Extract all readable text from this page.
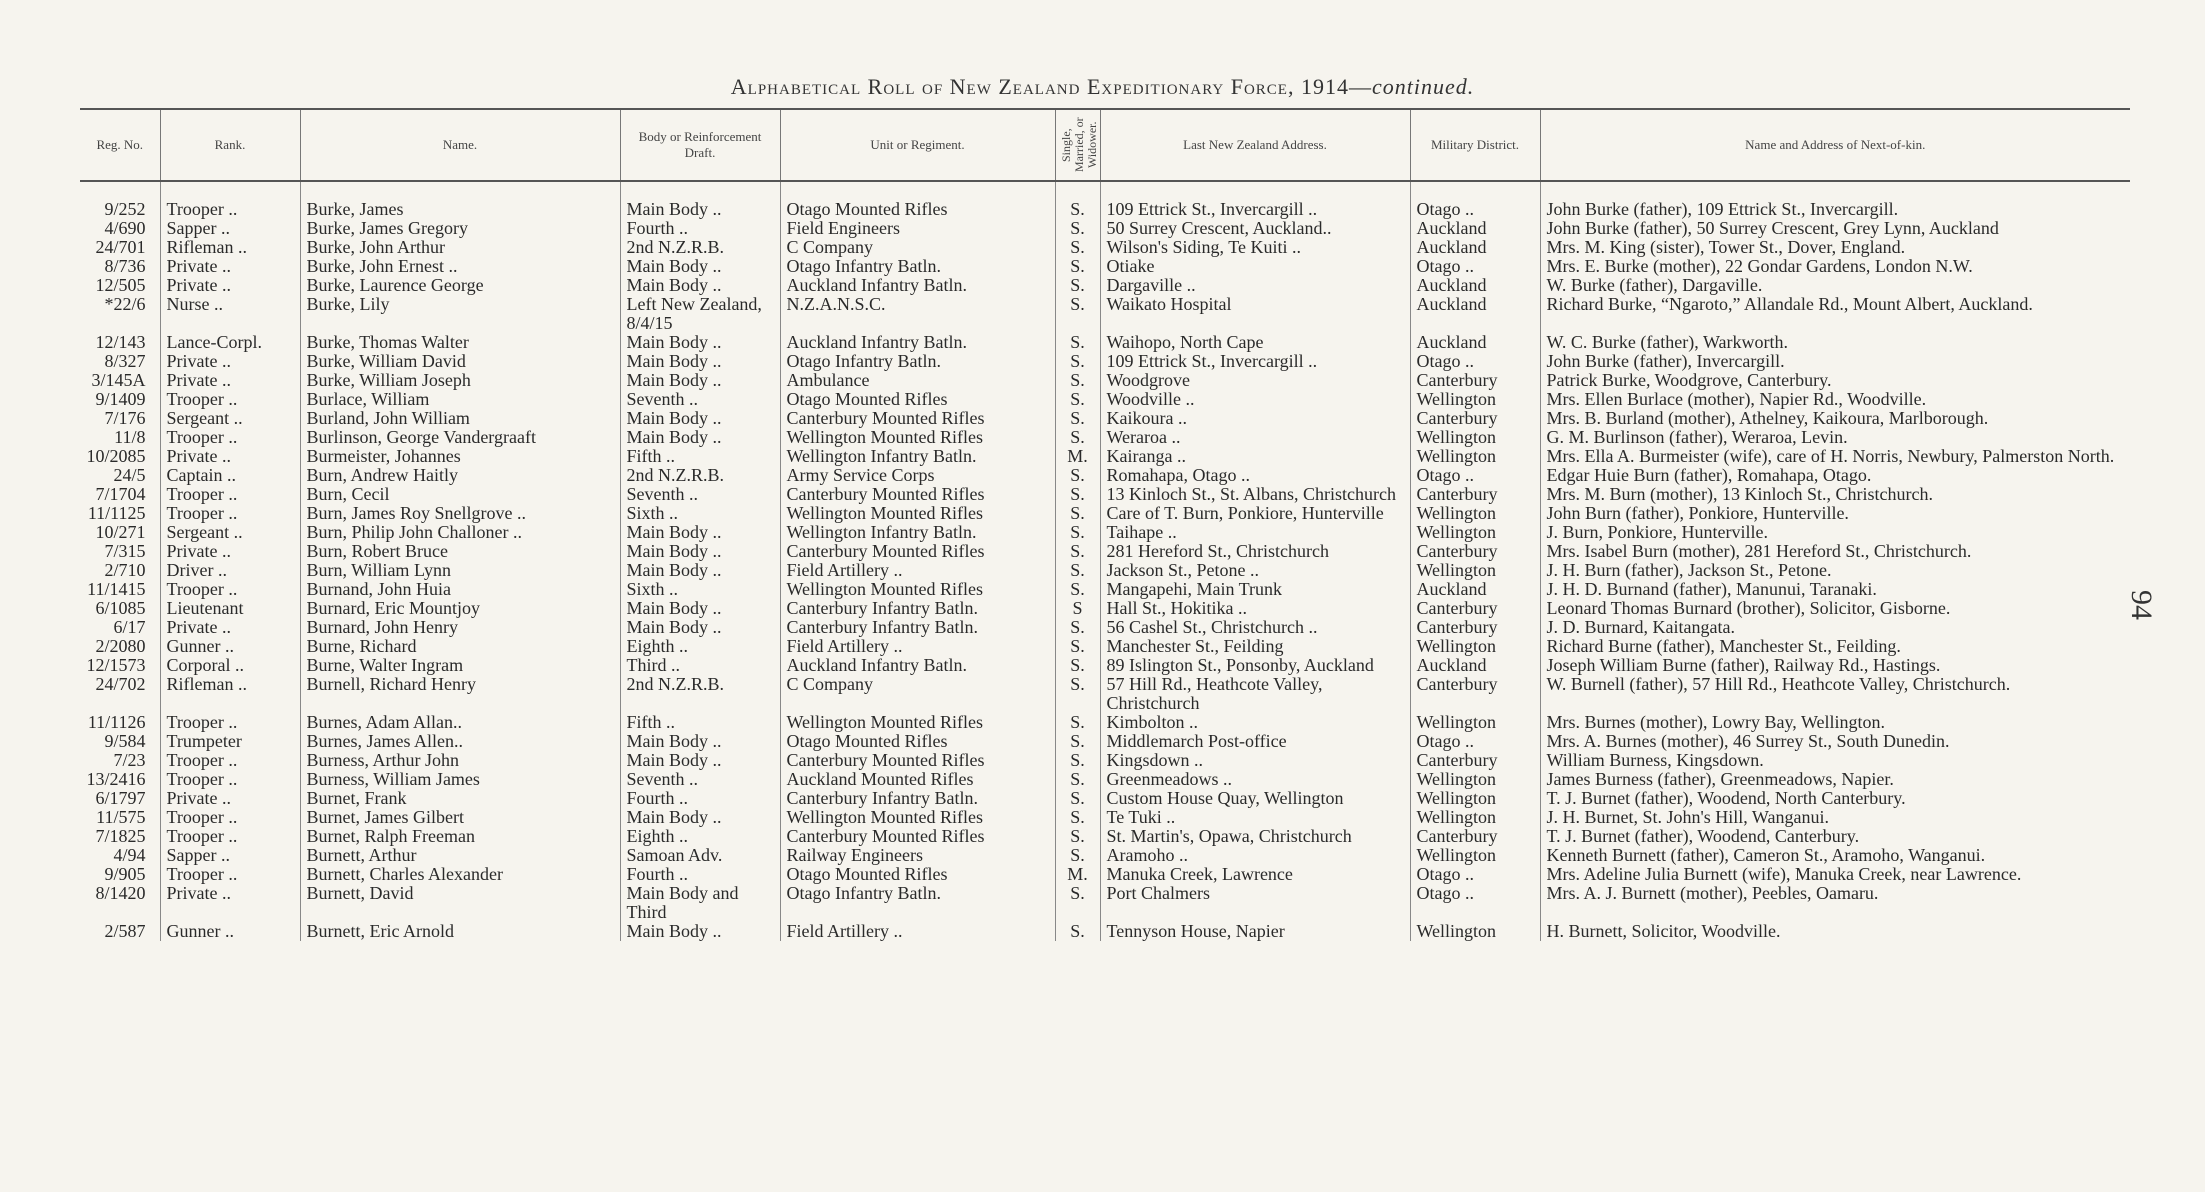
Alphabetical Roll of New Zealand Expeditionary Force, 1914—continued.
94
Reg. No.	Rank.	Name.	Body or Reinforcement Draft.	Unit or Regiment.	Single, Married, or Widower.	Last New Zealand Address.	Military District.	Name and Address of Next-of-kin.

9/252	Trooper ..	Burke, James	Main Body ..	Otago Mounted Rifles	S.	109 Ettrick St., Invercargill ..	Otago ..	John Burke (father), 109 Ettrick St., Invercargill.
4/690	Sapper ..	Burke, James Gregory	Fourth ..	Field Engineers	S.	50 Surrey Crescent, Auckland..	Auckland	John Burke (father), 50 Surrey Crescent, Grey Lynn, Auckland
24/701	Rifleman ..	Burke, John Arthur	2nd N.Z.R.B.	C Company	S.	Wilson's Siding, Te Kuiti ..	Auckland	Mrs. M. King (sister), Tower St., Dover, England.
8/736	Private ..	Burke, John Ernest ..	Main Body ..	Otago Infantry Batln.	S.	Otiake	Otago ..	Mrs. E. Burke (mother), 22 Gondar Gardens, London N.W.
12/505	Private ..	Burke, Laurence George	Main Body ..	Auckland Infantry Batln.	S.	Dargaville ..	Auckland	W. Burke (father), Dargaville.
*22/6	Nurse ..	Burke, Lily	Left New Zealand, 8/4/15	N.Z.A.N.S.C.	S.	Waikato Hospital	Auckland	Richard Burke, “Ngaroto,” Allandale Rd., Mount Albert, Auckland.
12/143	Lance-Corpl.	Burke, Thomas Walter	Main Body ..	Auckland Infantry Batln.	S.	Waihopo, North Cape	Auckland	W. C. Burke (father), Warkworth.
8/327	Private ..	Burke, William David	Main Body ..	Otago Infantry Batln.	S.	109 Ettrick St., Invercargill ..	Otago ..	John Burke (father), Invercargill.
3/145A	Private ..	Burke, William Joseph	Main Body ..	Ambulance	S.	Woodgrove	Canterbury	Patrick Burke, Woodgrove, Canterbury.
9/1409	Trooper ..	Burlace, William	Seventh ..	Otago Mounted Rifles	S.	Woodville ..	Wellington	Mrs. Ellen Burlace (mother), Napier Rd., Woodville.
7/176	Sergeant ..	Burland, John William	Main Body ..	Canterbury Mounted Rifles	S.	Kaikoura ..	Canterbury	Mrs. B. Burland (mother), Athelney, Kaikoura, Marlborough.
11/8	Trooper ..	Burlinson, George Vandergraaft	Main Body ..	Wellington Mounted Rifles	S.	Weraroa ..	Wellington	G. M. Burlinson (father), Weraroa, Levin.
10/2085	Private ..	Burmeister, Johannes	Fifth ..	Wellington Infantry Batln.	M.	Kairanga ..	Wellington	Mrs. Ella A. Burmeister (wife), care of H. Norris, Newbury, Palmerston North.
24/5	Captain ..	Burn, Andrew Haitly	2nd N.Z.R.B.	Army Service Corps	S.	Romahapa, Otago ..	Otago ..	Edgar Huie Burn (father), Romahapa, Otago.
7/1704	Trooper ..	Burn, Cecil	Seventh ..	Canterbury Mounted Rifles	S.	13 Kinloch St., St. Albans, Christchurch	Canterbury	Mrs. M. Burn (mother), 13 Kinloch St., Christchurch.
11/1125	Trooper ..	Burn, James Roy Snellgrove ..	Sixth ..	Wellington Mounted Rifles	S.	Care of T. Burn, Ponkiore, Hunterville	Wellington	John Burn (father), Ponkiore, Hunterville.
10/271	Sergeant ..	Burn, Philip John Challoner ..	Main Body ..	Wellington Infantry Batln.	S.	Taihape ..	Wellington	J. Burn, Ponkiore, Hunterville.
7/315	Private ..	Burn, Robert Bruce	Main Body ..	Canterbury Mounted Rifles	S.	281 Hereford St., Christchurch	Canterbury	Mrs. Isabel Burn (mother), 281 Hereford St., Christchurch.
2/710	Driver ..	Burn, William Lynn	Main Body ..	Field Artillery ..	S.	Jackson St., Petone ..	Wellington	J. H. Burn (father), Jackson St., Petone.
11/1415	Trooper ..	Burnand, John Huia	Sixth ..	Wellington Mounted Rifles	S.	Mangapehi, Main Trunk	Auckland	J. H. D. Burnand (father), Manunui, Taranaki.
6/1085	Lieutenant	Burnard, Eric Mountjoy	Main Body ..	Canterbury Infantry Batln.	S	Hall St., Hokitika ..	Canterbury	Leonard Thomas Burnard (brother), Solicitor, Gisborne.
6/17	Private ..	Burnard, John Henry	Main Body ..	Canterbury Infantry Batln.	S.	56 Cashel St., Christchurch ..	Canterbury	J. D. Burnard, Kaitangata.
2/2080	Gunner ..	Burne, Richard	Eighth ..	Field Artillery ..	S.	Manchester St., Feilding	Wellington	Richard Burne (father), Manchester St., Feilding.
12/1573	Corporal ..	Burne, Walter Ingram	Third ..	Auckland Infantry Batln.	S.	89 Islington St., Ponsonby, Auckland	Auckland	Joseph William Burne (father), Railway Rd., Hastings.
24/702	Rifleman ..	Burnell, Richard Henry	2nd N.Z.R.B.	C Company	S.	57 Hill Rd., Heathcote Valley, Christchurch	Canterbury	W. Burnell (father), 57 Hill Rd., Heathcote Valley, Christchurch.
11/1126	Trooper ..	Burnes, Adam Allan..	Fifth ..	Wellington Mounted Rifles	S.	Kimbolton ..	Wellington	Mrs. Burnes (mother), Lowry Bay, Wellington.
9/584	Trumpeter	Burnes, James Allen..	Main Body ..	Otago Mounted Rifles	S.	Middlemarch Post-office	Otago ..	Mrs. A. Burnes (mother), 46 Surrey St., South Dunedin.
7/23	Trooper ..	Burness, Arthur John	Main Body ..	Canterbury Mounted Rifles	S.	Kingsdown ..	Canterbury	William Burness, Kingsdown.
13/2416	Trooper ..	Burness, William James	Seventh ..	Auckland Mounted Rifles	S.	Greenmeadows ..	Wellington	James Burness (father), Greenmeadows, Napier.
6/1797	Private ..	Burnet, Frank	Fourth ..	Canterbury Infantry Batln.	S.	Custom House Quay, Wellington	Wellington	T. J. Burnet (father), Woodend, North Canterbury.
11/575	Trooper ..	Burnet, James Gilbert	Main Body ..	Wellington Mounted Rifles	S.	Te Tuki ..	Wellington	J. H. Burnet, St. John's Hill, Wanganui.
7/1825	Trooper ..	Burnet, Ralph Freeman	Eighth ..	Canterbury Mounted Rifles	S.	St. Martin's, Opawa, Christchurch	Canterbury	T. J. Burnet (father), Woodend, Canterbury.
4/94	Sapper ..	Burnett, Arthur	Samoan Adv.	Railway Engineers	S.	Aramoho ..	Wellington	Kenneth Burnett (father), Cameron St., Aramoho, Wanganui.
9/905	Trooper ..	Burnett, Charles Alexander	Fourth ..	Otago Mounted Rifles	M.	Manuka Creek, Lawrence	Otago ..	Mrs. Adeline Julia Burnett (wife), Manuka Creek, near Lawrence.
8/1420	Private ..	Burnett, David	Main Body and Third	Otago Infantry Batln.	S.	Port Chalmers	Otago ..	Mrs. A. J. Burnett (mother), Peebles, Oamaru.
2/587	Gunner ..	Burnett, Eric Arnold	Main Body ..	Field Artillery ..	S.	Tennyson House, Napier	Wellington	H. Burnett, Solicitor, Woodville.
